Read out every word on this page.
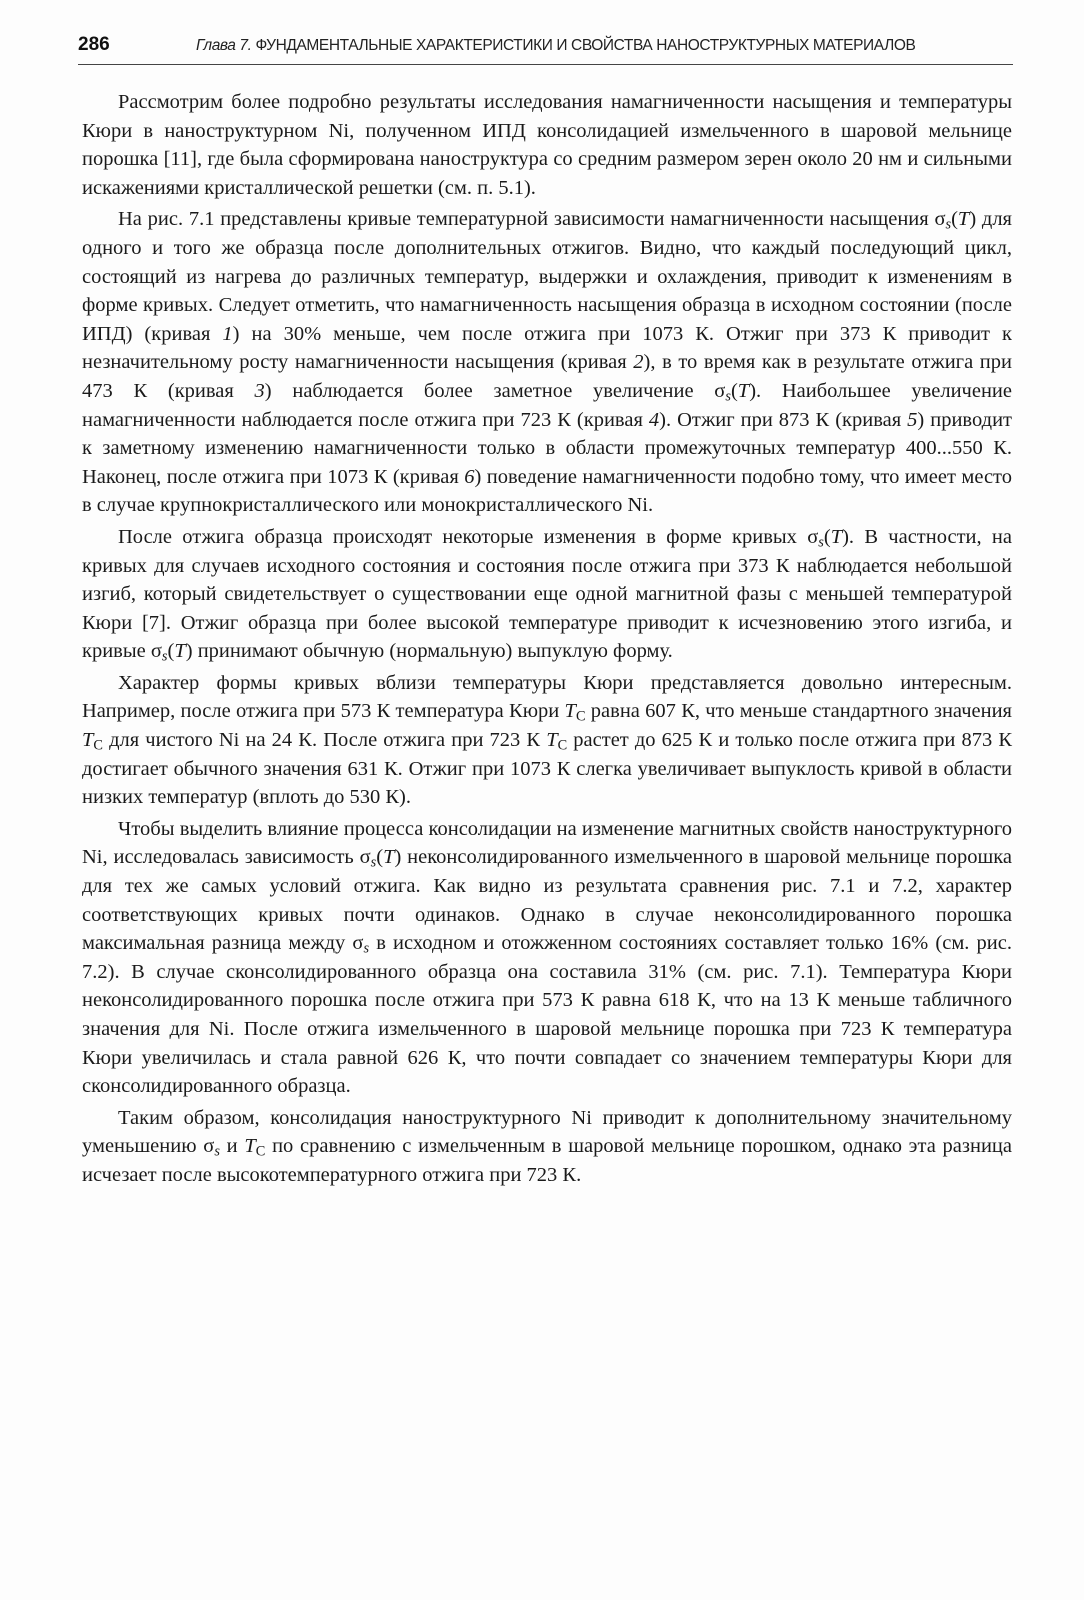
286	Глава 7. ФУНДАМЕНТАЛЬНЫЕ ХАРАКТЕРИСТИКИ И СВОЙСТВА НАНОСТРУКТУРНЫХ МАТЕРИАЛОВ

Рассмотрим более подробно результаты исследования намагниченности насыщения и температуры Кюри в наноструктурном Ni, полученном ИПД консолидацией измельченного в шаровой мельнице порошка [11], где была сформирована наноструктура со средним размером зерен около 20 нм и сильными искажениями кристаллической решетки (см. п. 5.1).

На рис. 7.1 представлены кривые температурной зависимости намагниченности насыщения $\sigma_s(T)$ для одного и того же образца после дополнительных отжигов. Видно, что каждый последующий цикл, состоящий из нагрева до различных температур, выдержки и охлаждения, приводит к изменениям в форме кривых. Следует отметить, что намагниченность насыщения образца в исходном состоянии (после ИПД) (кривая 1) на 30% меньше, чем после отжига при 1073 К. Отжиг при 373 К приводит к незначительному росту намагниченности насыщения (кривая 2), в то время как в результате отжига при 473 К (кривая 3) наблюдается более заметное увеличение $\sigma_s(T)$. Наибольшее увеличение намагниченности наблюдается после отжига при 723 К (кривая 4). Отжиг при 873 К (кривая 5) приводит к заметному изменению намагниченности только в области промежуточных температур 400...550 К. Наконец, после отжига при 1073 К (кривая 6) поведение намагниченности подобно тому, что имеет место в случае крупнокристаллического или монокристаллического Ni.

После отжига образца происходят некоторые изменения в форме кривых $\sigma_s(T)$. В частности, на кривых для случаев исходного состояния и состояния после отжига при 373 К наблюдается небольшой изгиб, который свидетельствует о существовании еще одной магнитной фазы с меньшей температурой Кюри [7]. Отжиг образца при более высокой температуре приводит к исчезновению этого изгиба, и кривые $\sigma_s(T)$ принимают обычную (нормальную) выпуклую форму.

Характер формы кривых вблизи температуры Кюри представляется довольно интересным. Например, после отжига при 573 К температура Кюри $T_C$ равна 607 К, что меньше стандартного значения $T_C$ для чистого Ni на 24 К. После отжига при 723 К $T_C$ растет до 625 К и только после отжига при 873 К достигает обычного значения 631 К. Отжиг при 1073 К слегка увеличивает выпуклость кривой в области низких температур (вплоть до 530 К).

Чтобы выделить влияние процесса консолидации на изменение магнитных свойств наноструктурного Ni, исследовалась зависимость $\sigma_s(T)$ неконсолидированного измельченного в шаровой мельнице порошка для тех же самых условий отжига. Как видно из результата сравнения рис. 7.1 и 7.2, характер соответствующих кривых почти одинаков. Однако в случае неконсолидированного порошка максимальная разница между $\sigma_s$ в исходном и отожженном состояниях составляет только 16% (см. рис. 7.2). В случае сконсолидированного образца она составила 31% (см. рис. 7.1). Температура Кюри неконсолидированного порошка после отжига при 573 К равна 618 К, что на 13 К меньше табличного значения для Ni. После отжига измельченного в шаровой мельнице порошка при 723 К температура Кюри увеличилась и стала равной 626 К, что почти совпадает со значением температуры Кюри для сконсолидированного образца.

Таким образом, консолидация наноструктурного Ni приводит к дополнительному значительному уменьшению $\sigma_s$ и $T_C$ по сравнению с измельченным в шаровой мельнице порошком, однако эта разница исчезает после высокотемпературного отжига при 723 К.
